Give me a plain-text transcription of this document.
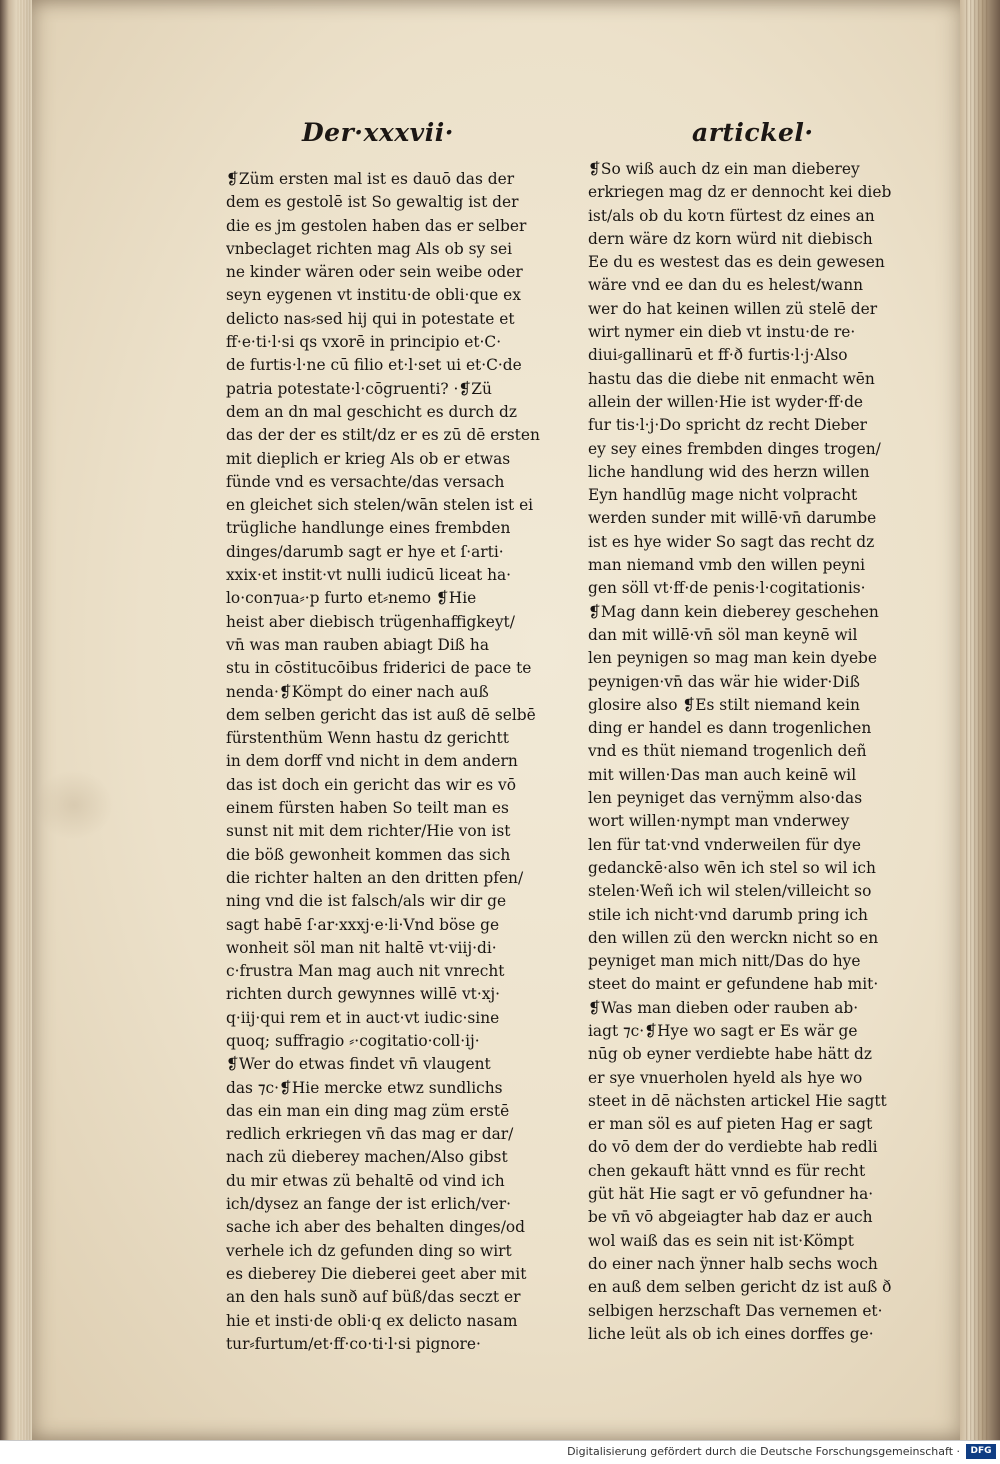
Der·xxxvii·	artickel·
❡Züm ersten mal ist es dauō das der
dem es gestolē ist So gewaltig ist der
die es jm gestolen haben das er selber
vnbeclaget richten mag Als ob sy sei
ne kinder wären oder sein weibe oder
seyn eygenen vt institu·de obli·que ex
delicto nas⸗sed hij qui in potestate et
ff·e·ti·l·si qs vxorē in principio et·C·
de furtis·l·ne cū filio et·l·set ui et·C·de
patria potestate·l·cōgruenti? ·❡Zü
dem an dn mal geschicht es durch dz
das der der es stilt/dz er es zū dē ersten
mit dieplich er krieg Als ob er etwas
fünde vnd es versachte/das versach
en gleichet sich stelen/wān stelen ist ei
trügliche handlunge eines frembden
dinges/darumb sagt er hye et ſ·arti·
xxix·et instit·vt nulli iudicū liceat ha·
lo·con⁊ua⸗·p furto et⸗nemo ❡Hie
heist aber diebisch trügenhaffigkeyt/
vn̄ was man rauben abiagt Diß ha
stu in cōstitucōibus friderici de pace te
nenda·❡Kömpt do einer nach auß
dem selben gericht das ist auß dē selbē
fürstenthüm Wenn hastu dz gerichtt
in dem dorff vnd nicht in dem andern
das ist doch ein gericht das wir es vō
einem fürsten haben So teilt man es
sunst nit mit dem richter/Hie von ist
die böß gewonheit kommen das sich
die richter halten an den dritten pfen/
ning vnd die ist falsch/als wir dir ge
sagt habē ſ·ar·xxxj·e·li·Vnd böse ge
wonheit söl man nit haltē vt·viij·di·
c·frustra Man mag auch nit vnrecht
richten durch gewynnes willē vt·xj·
q·iij·qui rem et in auct·vt iudic·sine
quoq; suffragio ⸗·cogitatio·coll·ij·
❡Wer do etwas findet vn̄ vlaugent
das ⁊c·❡Hie mercke etwz sundlichs
das ein man ein ding mag züm erstē
redlich erkriegen vn̄ das mag er dar/
nach zü dieberey machen/Also gibst
du mir etwas zü behaltē od vind ich
ich/dysez an fange der ist erlich/ver·
sache ich aber des behalten dinges/od
verhele ich dz gefunden ding so wirt
es dieberey Die dieberei geet aber mit
an den hals sunð auf büß/das seczt er
hie et insti·de obli·q ex delicto nasam
tur⸗furtum/et·ff·co·ti·l·si pignore·
❡So wiß auch dz ein man dieberey
erkriegen mag dz er dennocht kei dieb
ist/als ob du koτn fürtest dz eines an
dern wäre dz korn würd nit diebisch
Ee du es westest das es dein gewesen
wäre vnd ee dan du es helest/wann
wer do hat keinen willen zü stelē der
wirt nymer ein dieb vt instu·de re·
diui⸗gallinarū et ff·ð furtis·l·j·Also
hastu das die diebe nit enmacht wēn
allein der willen·Hie ist wyder·ff·de
fur tis·l·j·Do spricht dz recht Dieber
ey sey eines frembden dinges trogen/
liche handlung wid des herzn willen
Eyn handlūg mage nicht volpracht
werden sunder mit willē·vn̄ darumbe
ist es hye wider So sagt das recht dz
man niemand vmb den willen peyni
gen söll vt·ff·de penis·l·cogitationis·
❡Mag dann kein dieberey geschehen
dan mit willē·vn̄ söl man keynē wil
len peynigen so mag man kein dyebe
peynigen·vn̄ das wär hie wider·Diß
glosire also ❡Es stilt niemand kein
ding er handel es dann trogenlichen
vnd es thüt niemand trogenlich deñ
mit willen·Das man auch keinē wil
len peyniget das vernÿmm also·das
wort willen·nympt man vnderwey
len für tat·vnd vnderweilen für dye
gedanckē·also wēn ich stel so wil ich
stelen·Weñ ich wil stelen/villeicht so
stile ich nicht·vnd darumb pring ich
den willen zü den werckn nicht so en
peyniget man mich nitt/Das do hye
steet do maint er gefundene hab mit·
❡Was man dieben oder rauben ab·
iagt ⁊c·❡Hye wo sagt er Es wär ge
nūg ob eyner verdiebte habe hätt dz
er sye vnuerholen hyeld als hye wo
steet in dē nächsten artickel Hie sagtt
er man söl es auf pieten Hag er sagt
do vō dem der do verdiebte hab redli
chen gekauft hätt vnnd es für recht
güt hät Hie sagt er vō gefundner ha·
be vn̄ vō abgeiagter hab daz er auch
wol waiß das es sein nit ist·Kömpt
do einer nach ÿnner halb sechs woch
en auß dem selben gericht dz ist auß ð
selbigen herzschaft Das vernemen et·
liche leüt als ob ich eines dorffes ge·
Digitalisierung gefördert durch die Deutsche Forschungsgemeinschaft ·	DFG
